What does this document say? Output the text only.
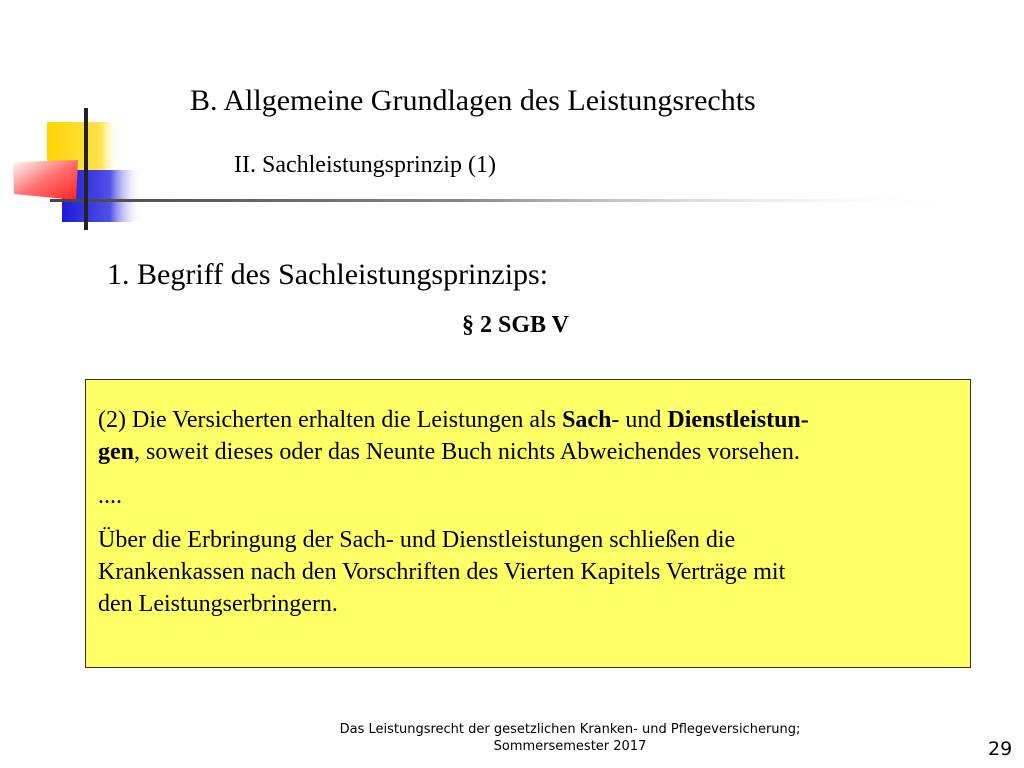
B. Allgemeine Grundlagen des Leistungsrechts
II. Sachleistungsprinzip (1)
1. Begriff des Sachleistungsprinzips:
§ 2 SGB V

(2) Die Versicherten erhalten die Leistungen als Sach- und Dienstleistun-
gen, soweit dieses oder das Neunte Buch nichts Abweichendes vorsehen.

....

Über die Erbringung der Sach- und Dienstleistungen schließen die
Krankenkassen nach den Vorschriften des Vierten Kapitels Verträge mit
den Leistungserbringern.

Das Leistungsrecht der gesetzlichen Kranken- und Pflegeversicherung;
Sommersemester 2017	29
